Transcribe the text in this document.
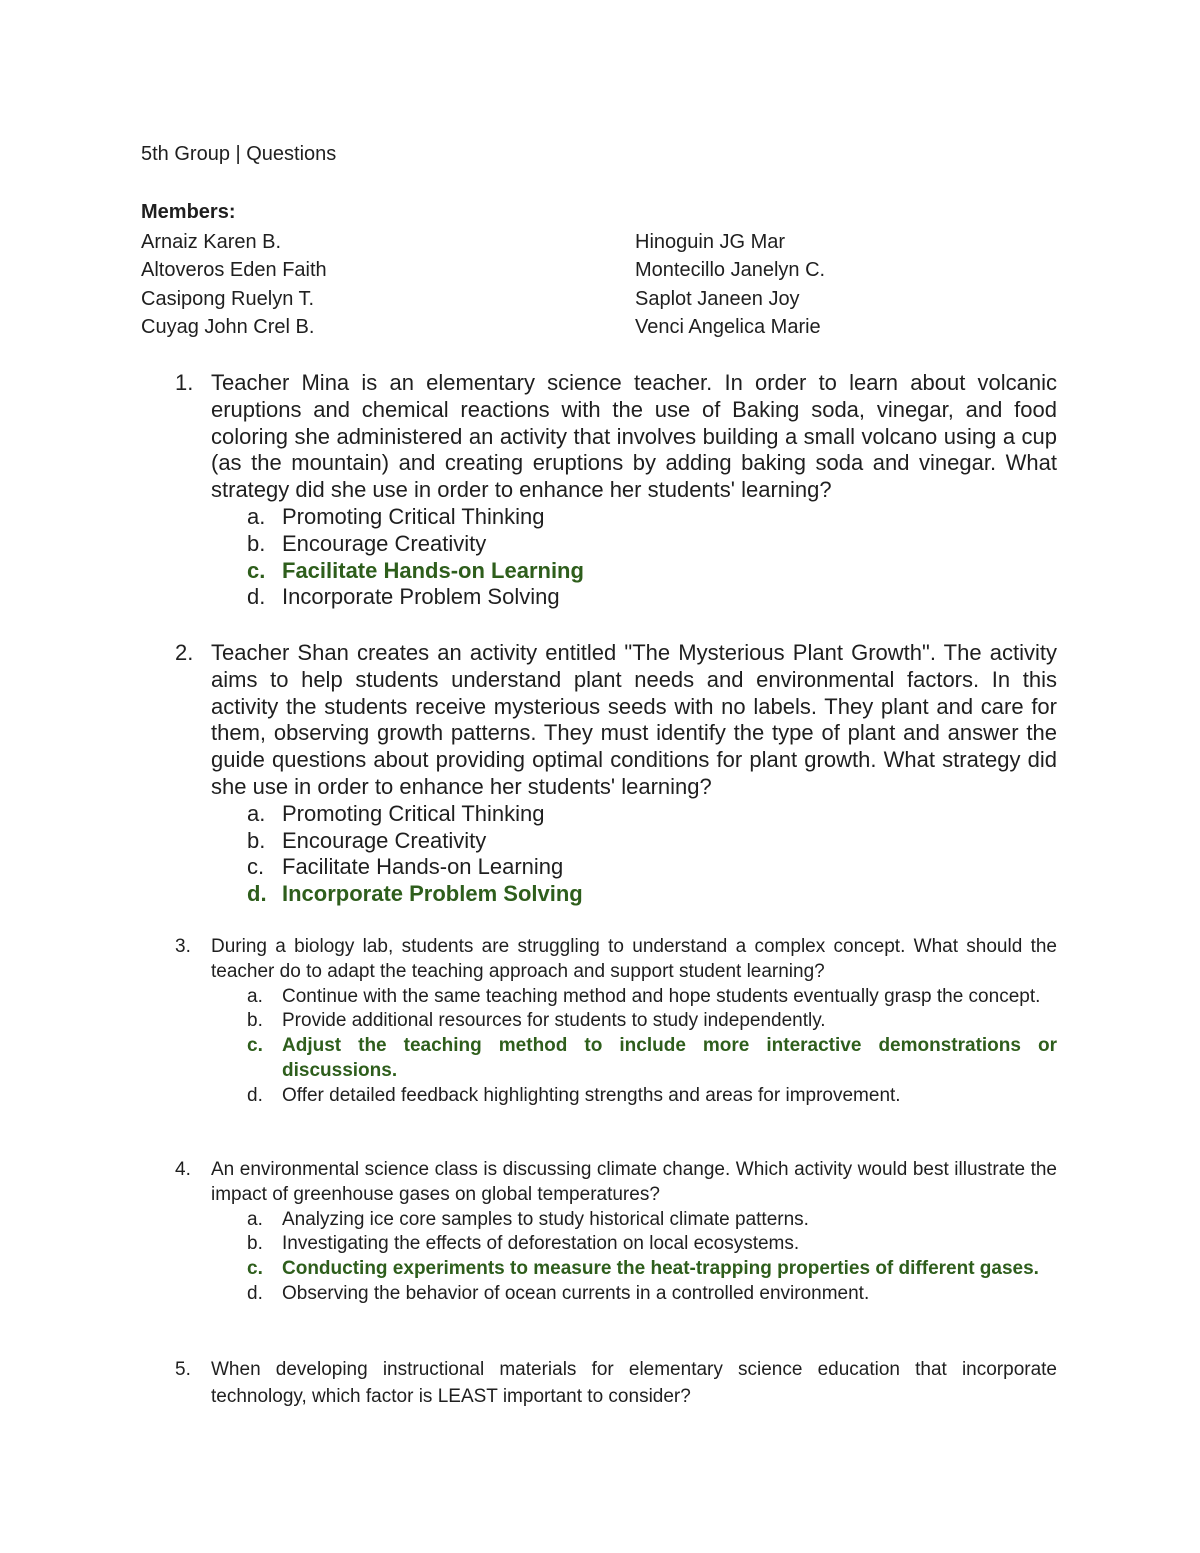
5th Group | Questions
Members:
Arnaiz Karen B.
Altoveros Eden Faith
Casipong Ruelyn T.
Cuyag John Crel B.
Hinoguin JG Mar
Montecillo Janelyn C.
Saplot Janeen Joy
Venci Angelica Marie
1. Teacher Mina is an elementary science teacher. In order to learn about volcanic eruptions and chemical reactions with the use of Baking soda, vinegar, and food coloring she administered an activity that involves building a small volcano using a cup (as the mountain) and creating eruptions by adding baking soda and vinegar. What strategy did she use in order to enhance her students' learning?
a. Promoting Critical Thinking
b. Encourage Creativity
c. Facilitate Hands-on Learning
d. Incorporate Problem Solving
2. Teacher Shan creates an activity entitled "The Mysterious Plant Growth". The activity aims to help students understand plant needs and environmental factors. In this activity the students receive mysterious seeds with no labels. They plant and care for them, observing growth patterns. They must identify the type of plant and answer the guide questions about providing optimal conditions for plant growth. What strategy did she use in order to enhance her students' learning?
a. Promoting Critical Thinking
b. Encourage Creativity
c. Facilitate Hands-on Learning
d. Incorporate Problem Solving
3. During a biology lab, students are struggling to understand a complex concept. What should the teacher do to adapt the teaching approach and support student learning?
a. Continue with the same teaching method and hope students eventually grasp the concept.
b. Provide additional resources for students to study independently.
c. Adjust the teaching method to include more interactive demonstrations or discussions.
d. Offer detailed feedback highlighting strengths and areas for improvement.
4. An environmental science class is discussing climate change. Which activity would best illustrate the impact of greenhouse gases on global temperatures?
a. Analyzing ice core samples to study historical climate patterns.
b. Investigating the effects of deforestation on local ecosystems.
c. Conducting experiments to measure the heat-trapping properties of different gases.
d. Observing the behavior of ocean currents in a controlled environment.
5. When developing instructional materials for elementary science education that incorporate technology, which factor is LEAST important to consider?
